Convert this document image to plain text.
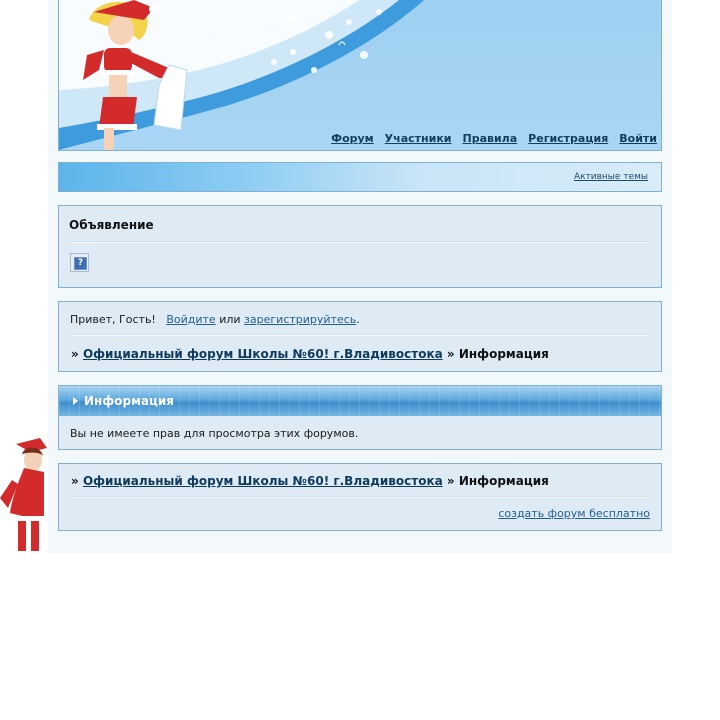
Форум Участники Правила Регистрация Войти
Активные темы
Объявление
?
Привет, Гость! Войдите или зарегистрируйтесь.
» Официальный форум Школы №60! г.Владивостока » Информация
Информация
Вы не имеете прав для просмотра этих форумов.
» Официальный форум Школы №60! г.Владивостока » Информация
создать форум бесплатно
